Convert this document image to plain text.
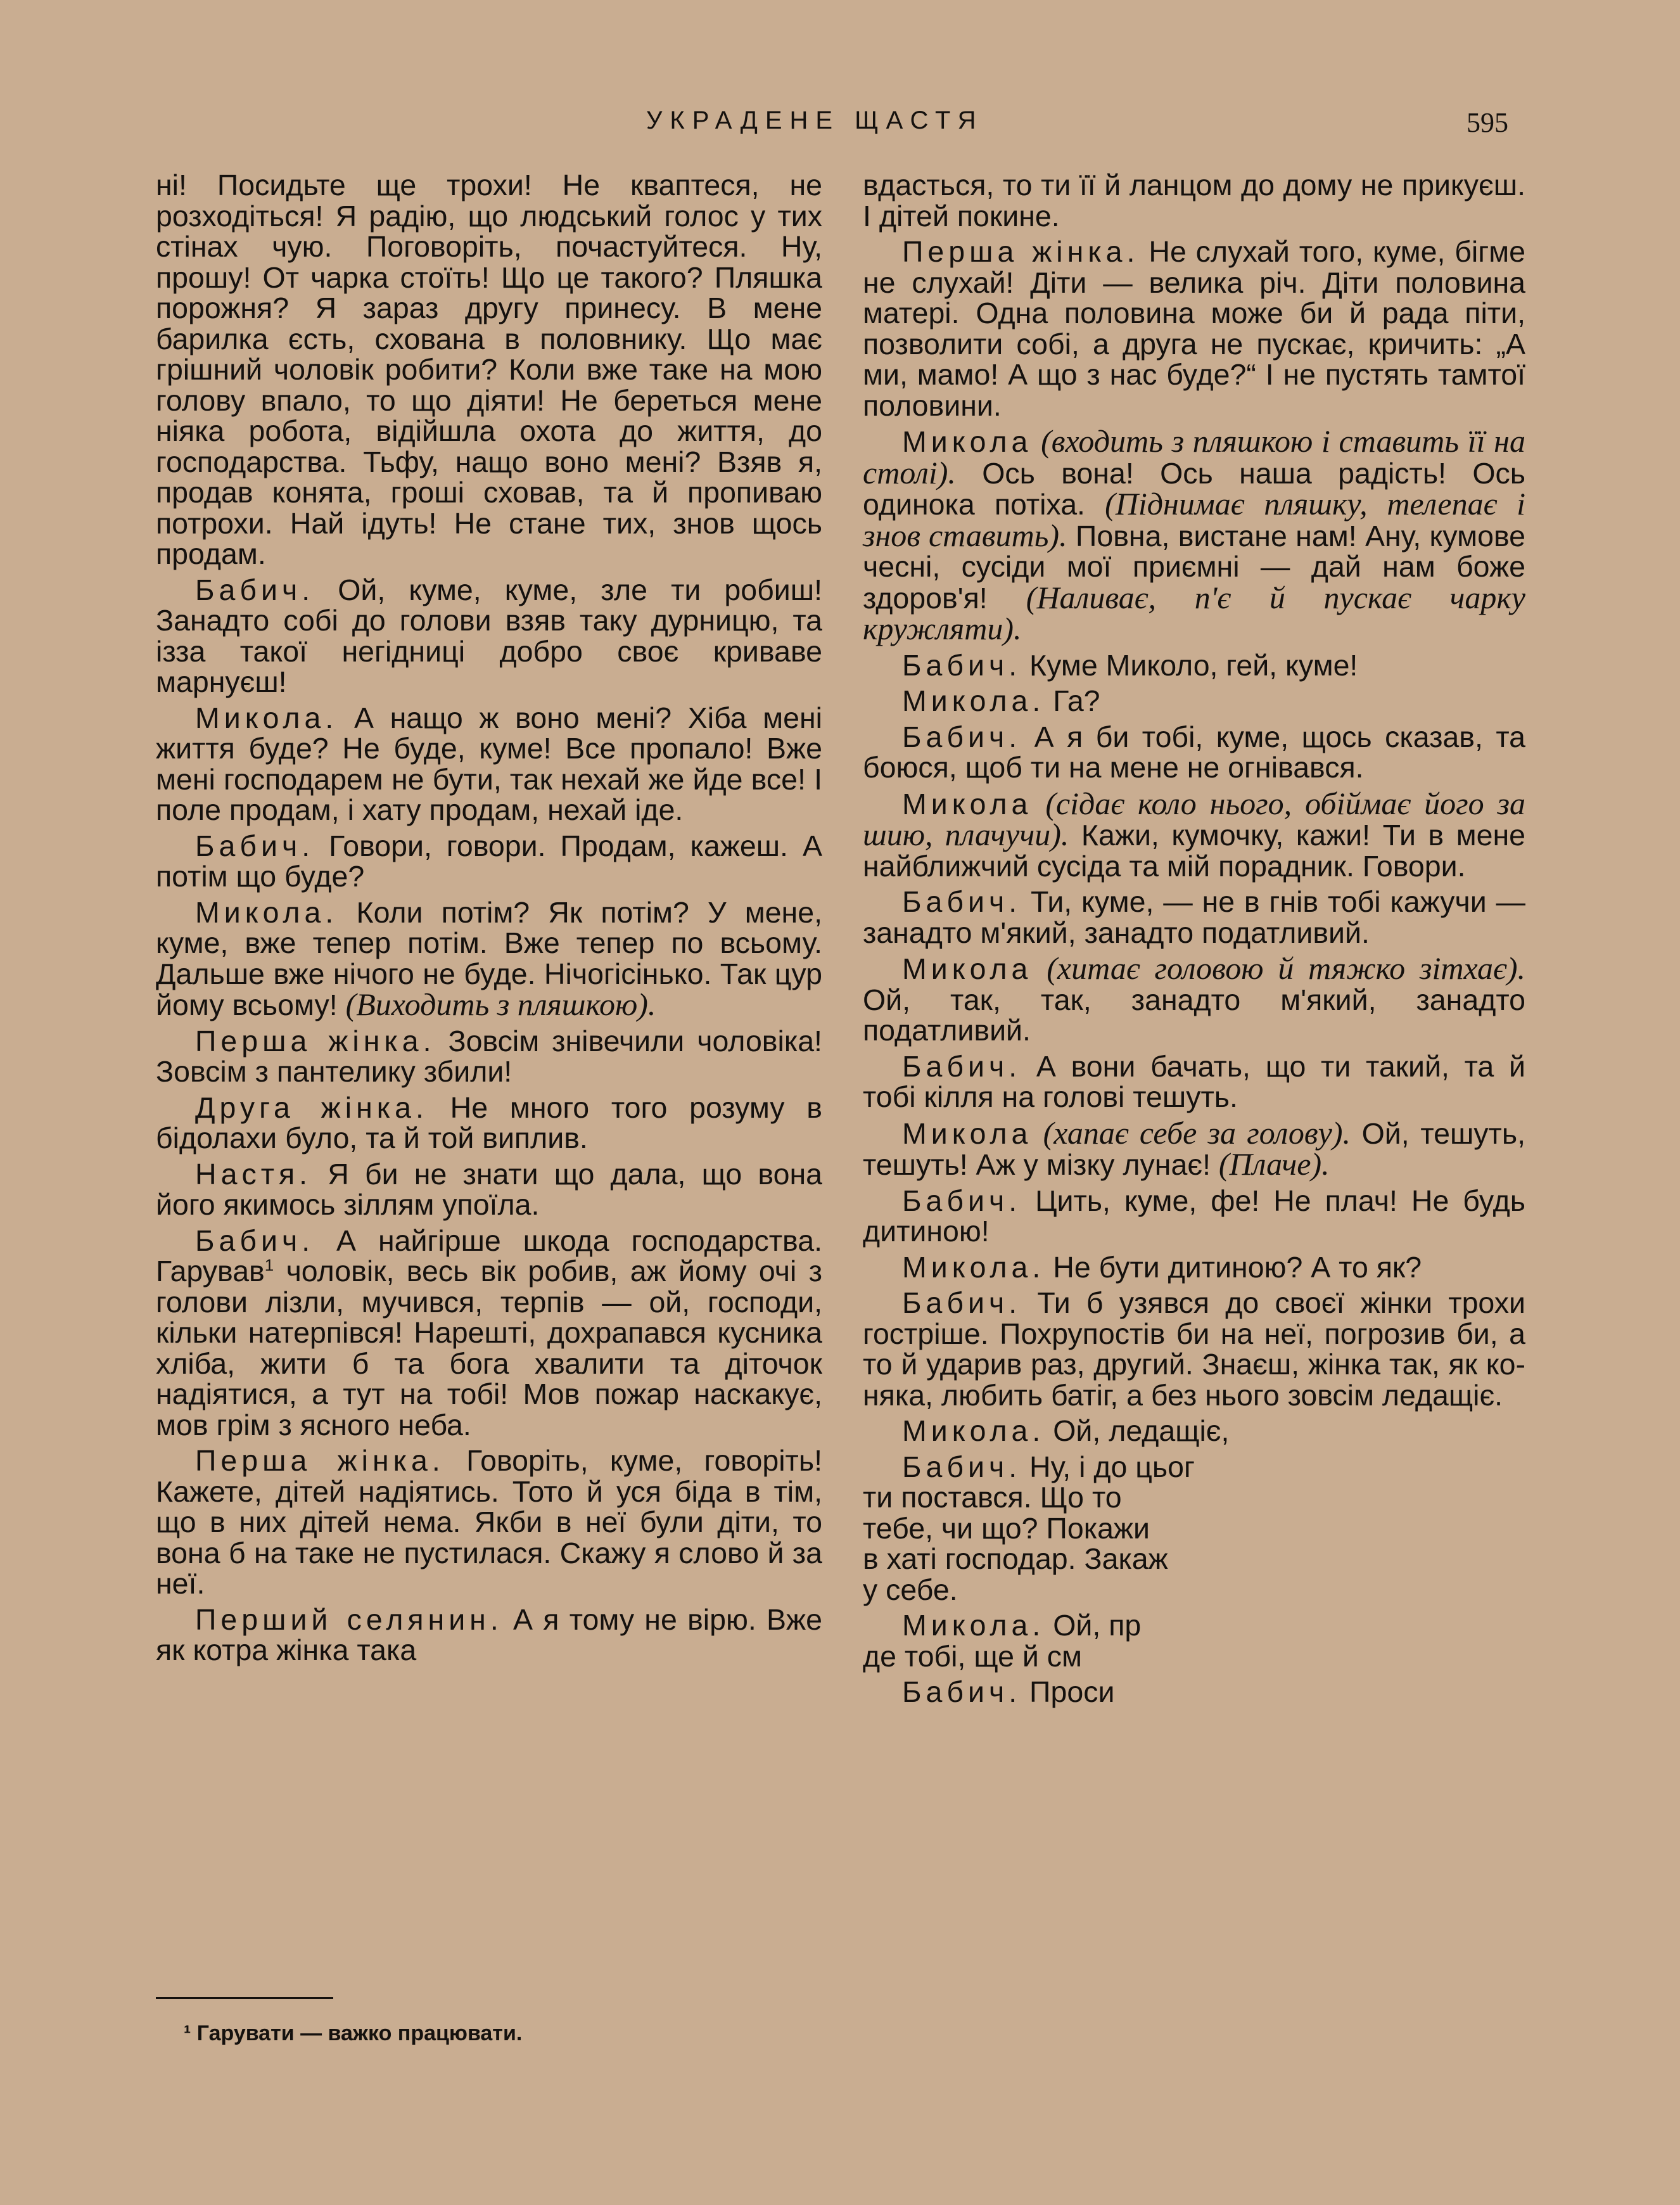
УКРАДЕНЕ ЩАСТЯ	595

ні! Посидьте ще трохи! Не кваптеся, не розходіться! Я радію, що людський голос у тих стінах чую. Поговоріть, почастуйтеся. Ну, прошу! От чарка стоїть! Що це такого? Пляшка порожня? Я зараз другу принесу. В мене барилка єсть, схована в половнику. Що має грішний чоловік робити? Коли вже таке на мою голову впало, то що діяти! Не береться мене ніяка робота, відійшла охота до життя, до господарства. Тьфу, нащо воно мені? Взяв я, продав конята, гроші сховав, та й пропиваю потрохи. Най ідуть! Не стане тих, знов щось продам.

Бабич. Ой, куме, куме, зле ти робиш! Занадто собі до голови взяв таку дурницю, та ізза такої негідниці добро своє криваве марнуєш!

Микола. А нащо ж воно мені? Хіба мені життя буде? Не буде, куме! Все пропало! Вже мені господарем не бути, так нехай же йде все! І поле продам, і хату продам, нехай іде.

Бабич. Говори, говори. Продам, кажеш. А потім що буде?

Микола. Коли потім? Як потім? У мене, куме, вже тепер потім. Вже тепер по всьому. Дальше вже нічого не буде. Нічогісінько. Так цур йому всьому! (Виходить з пляшкою).

Перша жінка. Зовсім знівечили чоловіка! Зовсім з пантелику збили!

Друга жінка. Не много того розуму в бідолахи було, та й той виплив.

Настя. Я би не знати що дала, що вона його якимось зіллям упоїла.

Бабич. А найгірше шкода господарства. Гарував$^1$ чоловік, весь вік робив, аж йому очі з голови лізли, мучився, терпів — ой, господи, кільки натерпівся! Нарешті, дохрапався кусника хліба, жити б та бога хвалити та діточок надіятися, а тут на тобі! Мов пожар наскакує, мов грім з ясного неба.

Перша жінка. Говоріть, куме, говоріть! Кажете, дітей надіятись. Тото й уся біда в тім, що в них дітей нема. Якби в неї були діти, то вона б на таке не пустилася. Скажу я слово й за неї.

Перший селянин. А я тому не вірю. Вже як котра жінка така

¹ Гарувати — важко працювати.

вдасться, то ти її й ланцом до дому не прикуєш. І дітей покине.

Перша жінка. Не слухай того, куме, бігме не слухай! Діти — велика річ. Діти половина матері. Одна половина може би й рада піти, позволити собі, а друга не пускає, кричить: „А ми, мамо! А що з нас буде?“ І не пустять тамтої половини.

Микола (входить з пляшкою і ставить її на столі). Ось вона! Ось наша радість! Ось одинока потіха. (Піднимає пляшку, телепає і знов ставить). Повна, вистане нам! Ану, кумове чесні, сусіди мої приємні — дай нам боже здоров'я! (Наливає, п'є й пускає чарку кружляти).

Бабич. Куме Миколо, гей, куме!

Микола. Га?

Бабич. А я би тобі, куме, щось сказав, та боюся, щоб ти на мене не огнівався.

Микола (сідає коло нього, обіймає його за шию, плачучи). Кажи, кумочку, кажи! Ти в мене найближчий сусіда та мій порадник. Говори.

Бабич. Ти, куме, — не в гнів тобі кажучи — занадто м'який, занадто податливий.

Микола (хитає головою й тяжко зітхає). Ой, так, так, занадто м'який, занадто податливий.

Бабич. А вони бачать, що ти такий, та й тобі кілля на голові тешуть.

Микола (хапає себе за голову). Ой, тешуть, тешуть! Аж у мізку лунає! (Плаче).

Бабич. Цить, куме, фе! Не плач! Не будь дитиною!

Микола. Не бути дитиною? А то як?

Бабич. Ти б узявся до своєї жінки трохи гостріше. Похрупостів би на неї, погрозив би, а то й ударив раз, другий. Знаєш, жінка так, як коняка, любить батіг, а без нього зовсім ледащіє.

Микола. Ой, ледащіє,

Бабич. Ну, і до цьог
ти постався. Що то
тебе, чи що? Покажи
в хаті господар. Закаж
у себе.

Микола. Ой, пр
де тобі, ще й см

Бабич. Проси
